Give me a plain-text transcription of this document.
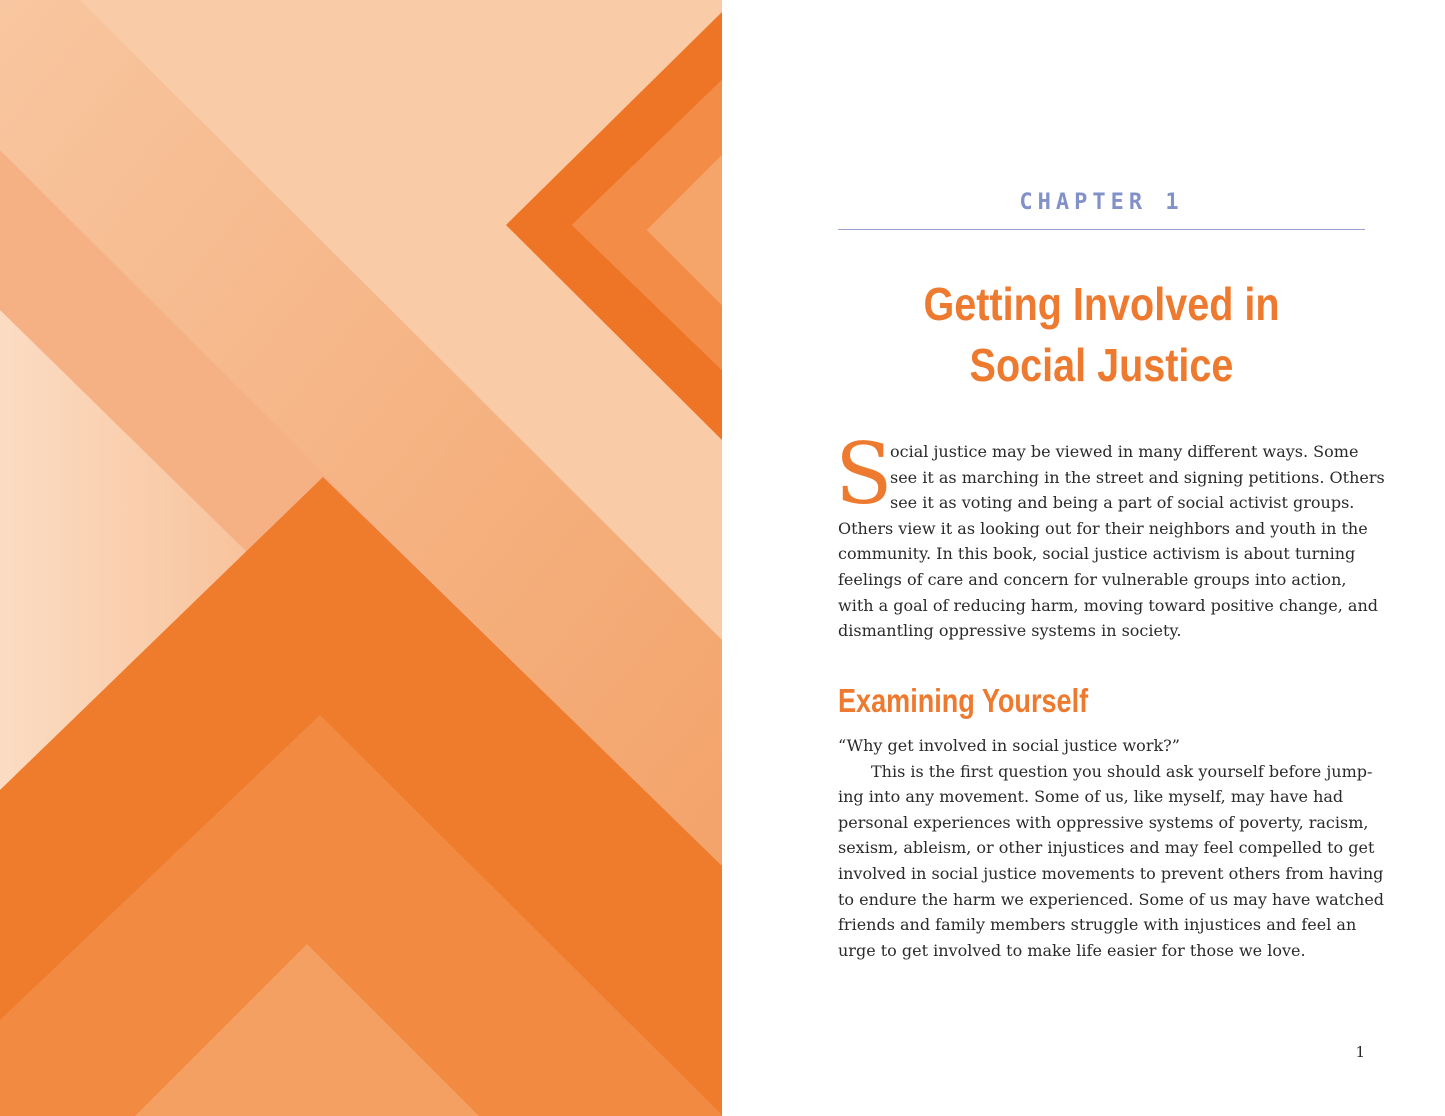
CHAPTER 1
Getting Involved in
Social Justice
S
ocial justice may be viewed in many different ways. Some
see it as marching in the street and signing petitions. Others
see it as voting and being a part of social activist groups.
Others view it as looking out for their neighbors and youth in the
community. In this book, social justice activism is about turning
feelings of care and concern for vulnerable groups into action,
with a goal of reducing harm, moving toward positive change, and
dismantling oppressive systems in society.
Examining Yourself
“Why get involved in social justice work?”
This is the first question you should ask yourself before jump-
ing into any movement. Some of us, like myself, may have had
personal experiences with oppressive systems of poverty, racism,
sexism, ableism, or other injustices and may feel compelled to get
involved in social justice movements to prevent others from having
to endure the harm we experienced. Some of us may have watched
friends and family members struggle with injustices and feel an
urge to get involved to make life easier for those we love.
1
